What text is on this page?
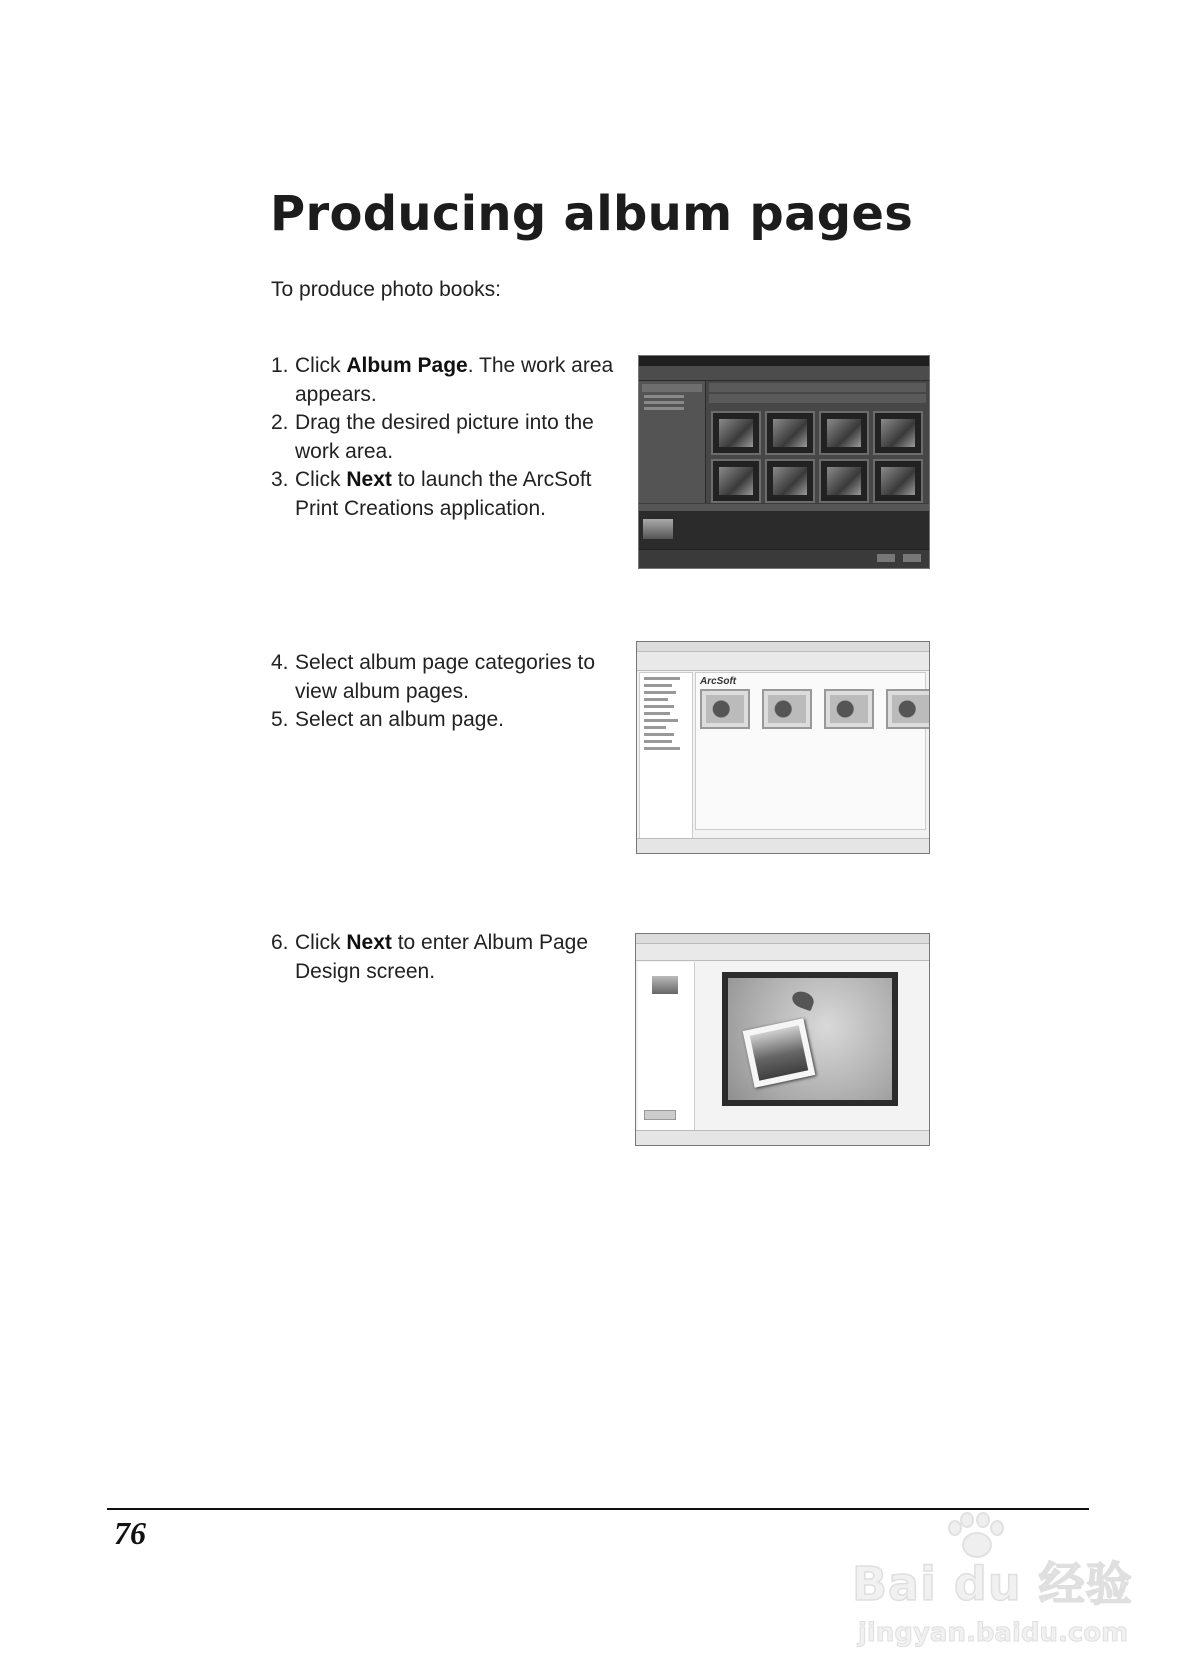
Producing album pages
To produce photo books:
1. Click Album Page. The work area appears.
2. Drag the desired picture into the work area.
3. Click Next to launch the ArcSoft Print Creations application.
4. Select album page categories to view album pages.
5. Select an album page.
6. Click Next to enter Album Page Design screen.
ArcSoft
76
Bai du 经验
jingyan.baidu.com
